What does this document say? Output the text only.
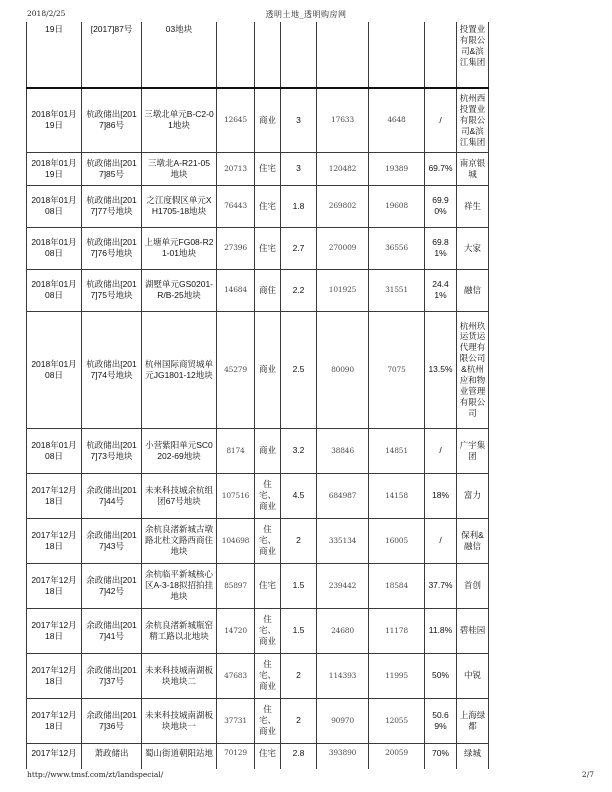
2018/2/25	透明土地_透明购房网
19日	[2017]87号	03地块							投置业有限公司&滨江集团
2018年01月19日	杭政储出[2017]86号	三墩北单元B-C2-01地块	12645	商业	3	17633	4648	/	杭州西投置业有限公司&滨江集团
2018年01月19日	杭政储出[2017]85号	三墩北A-R21-05地块	20713	住宅	3	120482	19389	69.7%	南京银城
2018年01月08日	杭政储出[2017]77号地块	之江度假区单元XH1705-18地块	76443	住宅	1.8	269802	19608	69.90%	祥生
2018年01月08日	杭政储出[2017]76号地块	上塘单元FG08-R21-01地块	27396	住宅	2.7	270009	36556	69.81%	大家
2018年01月08日	杭政储出[2017]75号地块	湖墅单元GS0201-R/B-25地块	14684	商住	2.2	101925	31551	24.41%	融信
2018年01月08日	杭政储出[2017]74号地块	杭州国际商贸城单元JG1801-12地块	45279	商业	2.5	80090	7075	13.5%	杭州玖运货运代理有限公司&杭州应和物业管理有限公司
2018年01月08日	杭政储出[2017]73号地块	小营紫阳单元SC0202-69地块	8174	商业	3.2	38846	14851	/	广宇集团
2017年12月18日	余政储出[2017]44号	未来科技城余杭组团67号地块	107516	住宅、商业	4.5	684987	14158	18%	富力
2017年12月18日	余政储出[2017]43号	余杭良渚新城古墩路北杜文路西商住地块	104698	住宅、商业	2	335134	16005	/	保利&融信
2017年12月18日	余政储出[2017]42号	余杭临平新城核心区A-3-18拟招拍挂地块	85897	住宅	1.5	239442	18584	37.7%	首创
2017年12月18日	余政储出[2017]41号	余杭良渚新城瓶窑精工路以北地块	14720	住宅、商业	1.5	24680	11178	11.8%	碧桂园
2017年12月18日	余政储出[2017]37号	未来科技城南湖板块地块二	47683	住宅、商业	2	114393	11995	50%	中锐
2017年12月18日	余政储出[2017]36号	未来科技城南湖板块地块一	37731	住宅、商业	2	90970	12055	50.69%	上海绿都
2017年12月	萧政储出	蜀山街道朝阳站地	70129	住宅	2.8	393890	20059	70%	绿城
http://www.tmsf.com/zt/landspecial/	2/7
